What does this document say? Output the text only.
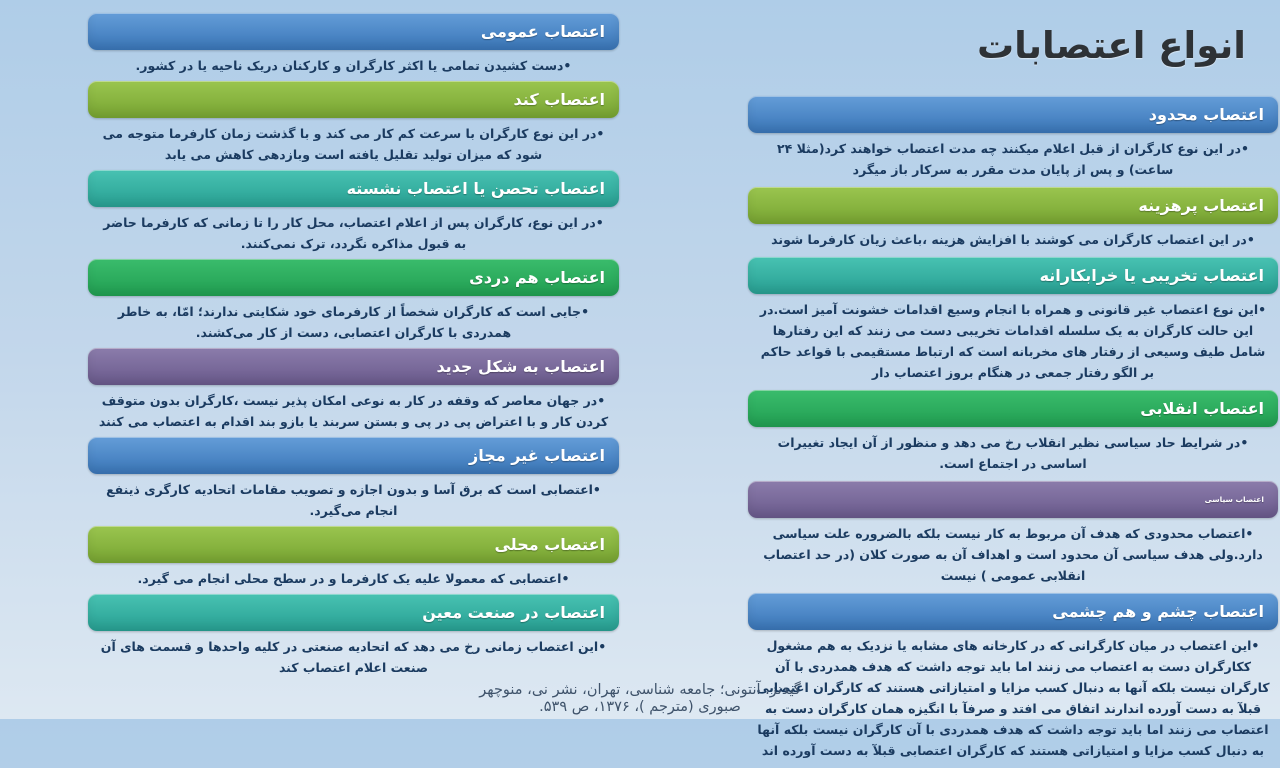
انواع اعتصابات
اعتصاب عمومی
•دست کشیدن تمامی یا اکثر کارگران و کارکنان دریک ناحیه یا در کشور.
اعتصاب کند
•در این نوع کارگران با سرعت کم کار می کند و با گذشت زمان کارفرما متوجه می شود که میزان تولید تقلیل یافته است وبازدهی کاهش می یابد
اعتصاب تحصن یا اعتصاب نشسته
•در این نوع، کارگران پس از اعلام اعتصاب، محل کار را تا زمانی که کارفرما حاضر به قبول مذاکره نگردد، ترک نمی‌کنند.
اعتصاب هم دردی
•جایی است که کارگران شخصاً از کارفرمای خود شکایتی ندارند؛ امّا، به خاطر همدردی با کارگران اعتصابی، دست از کار می‌کشند.
اعتصاب به شکل جدید
•در جهان معاصر که وقفه در کار به نوعی امکان پذیر نیست ،کارگران بدون متوقف کردن کار و با اعتراض پی در پی و بستن سربند یا بازو بند اقدام به اعتصاب می کنند
اعتصاب غیر مجاز
•اعتصابی است که برق آسا و بدون اجازه و تصویب مقامات اتحادیه کارگری ذینفع انجام می‌گیرد.
اعتصاب محلی
•اعتصابی که معمولا علیه یک کارفرما و در سطح محلی انجام می گیرد.
اعتصاب در صنعت معین
•این اعتصاب زمانی رخ می دهد که اتحادیه صنعتی در کلیه واحدها و قسمت های آن صنعت اعلام اعتصاب کند
اعتصاب محدود
•در این نوع کارگران از قبل اعلام میکنند چه مدت اعتصاب خواهند کرد(مثلا ۲۴ ساعت) و پس از پایان مدت مقرر به سرکار باز میگرد
اعتصاب پرهزینه
•در این اعتصاب کارگران می کوشند با افزایش هزینه ،باعث زیان کارفرما شوند
اعتصاب تخریبی یا خرابکارانه
•این نوع اعتصاب غیر قانونی و همراه با انجام وسیع اقدامات خشونت آمیز است.در این حالت کارگران به یک سلسله اقدامات تخریبی دست می زنند که این رفتارها شامل طیف وسیعی از رفتار های مخربانه است که ارتباط مستقیمی با قواعد حاکم بر الگو رفتار جمعی در هنگام بروز اعتصاب دار
اعتصاب انقلابی
•در شرایط حاد سیاسی نظیر انقلاب رخ می دهد و منظور از آن ایجاد تغییرات اساسی در اجتماع است.
اعتصاب سیاسی
•اعتصاب محدودی که هدف آن مربوط به کار نیست بلکه بالضروره علت سیاسی دارد.ولی هدف سیاسی آن محدود است و اهداف آن به صورت کلان (در حد اعتصاب انقلابی عمومی ) نیست
اعتصاب چشم و هم چشمی
•این اعتصاب در میان کارگرانی که در کارخانه های مشابه یا نزدیک به هم مشغول ککارگران دست به اعتصاب می زنند اما باید توجه داشت که هدف همدردی با آن کارگران نیست بلکه آنها به دنبال کسب مزایا و امتیازاتی هستند که کارگران اعتصابی قبلآ به دست آورده اندارند اتفاق می افتد و صرفآ با انگیزه همان کارگران دست به اعتصاب می زنند اما باید توجه داشت که هدف همدردی با آن کارگران نیست بلکه آنها به دنبال کسب مزایا و امتیازاتی هستند که کارگران اعتصابی قبلآ به دست آورده اند
گیدنز، آنتونی؛ جامعه شناسی، تهران، نشر نی، منوچهر
صبوری (مترجم )، ۱۳۷۶، ص ۵۳۹.
